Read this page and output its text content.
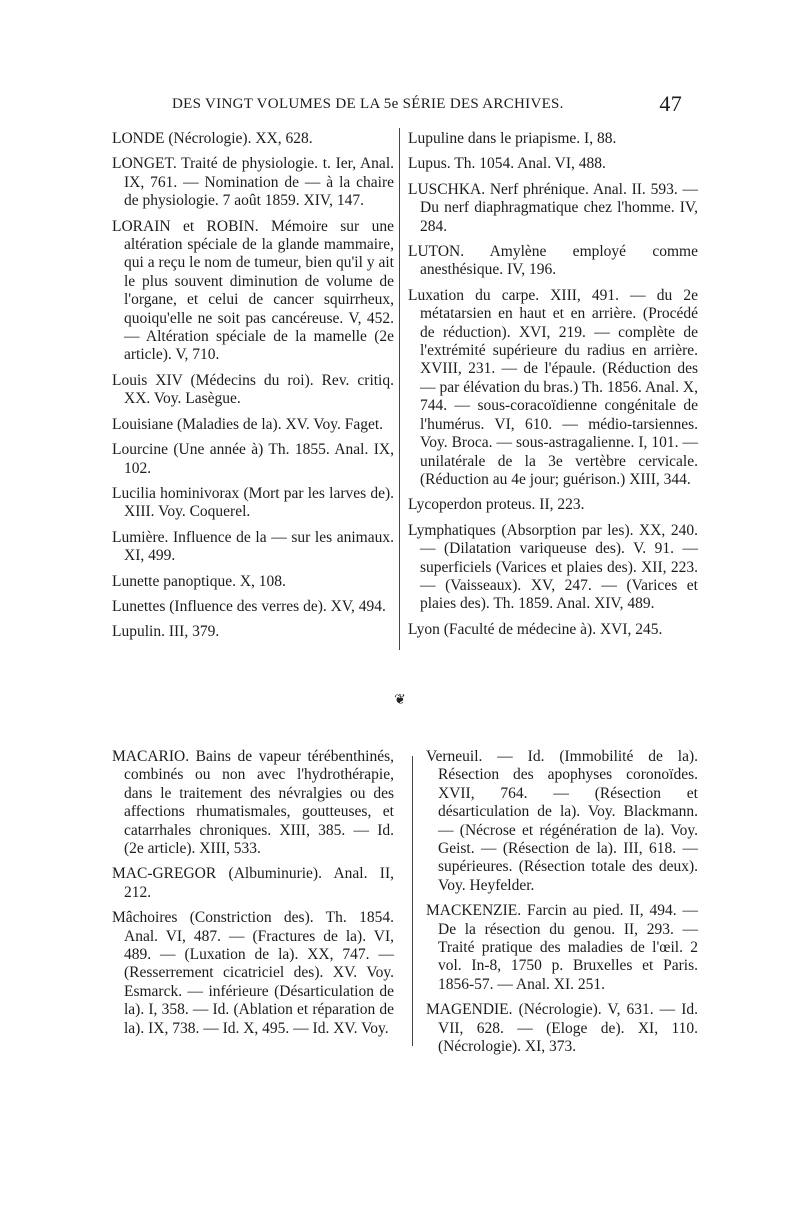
DES VINGT VOLUMES DE LA 5e SÉRIE DES ARCHIVES.	47
LONDE (Nécrologie). XX, 628.
LONGET. Traité de physiologie. t. Ier, Anal. IX, 761. — Nomination de — à la chaire de physiologie. 7 août 1859. XIV, 147.
LORAIN et ROBIN. Mémoire sur une altération spéciale de la glande mammaire, qui a reçu le nom de tumeur, bien qu'il y ait le plus souvent diminution de volume de l'organe, et celui de cancer squirrheux, quoiqu'elle ne soit pas cancéreuse. V, 452. — Altération spéciale de la mamelle (2e article). V, 710.
Louis XIV (Médecins du roi). Rev. critiq. XX. Voy. Lasègue.
Louisiane (Maladies de la). XV. Voy. Faget.
Lourcine (Une année à) Th. 1855. Anal. IX, 102.
Lucilia hominivorax (Mort par les larves de). XIII. Voy. Coquerel.
Lumière. Influence de la — sur les animaux. XI, 499.
Lunette panoptique. X, 108.
Lunettes (Influence des verres de). XV, 494.
Lupulin. III, 379.
Lupuline dans le priapisme. I, 88.
Lupus. Th. 1054. Anal. VI, 488.
LUSCHKA. Nerf phrénique. Anal. II. 593. — Du nerf diaphragmatique chez l'homme. IV, 284.
LUTON. Amylène employé comme anesthésique. IV, 196.
Luxation du carpe. XIII, 491. — du 2e métatarsien en haut et en arrière. (Procédé de réduction). XVI, 219. — complète de l'extrémité supérieure du radius en arrière. XVIII, 231. — de l'épaule. (Réduction des — par élévation du bras.) Th. 1856. Anal. X, 744. — sous-coracoïdienne congénitale de l'humérus. VI, 610. — médio-tarsiennes. Voy. Broca. — sous-astragalienne. I, 101. — unilatérale de la 3e vertèbre cervicale. (Réduction au 4e jour; guérison.) XIII, 344.
Lycoperdon proteus. II, 223.
Lymphatiques (Absorption par les). XX, 240. — (Dilatation variqueuse des). V. 91. — superficiels (Varices et plaies des). XII, 223. — (Vaisseaux). XV, 247. — (Varices et plaies des). Th. 1859. Anal. XIV, 489.
Lyon (Faculté de médecine à). XVI, 245.
❦
MACARIO. Bains de vapeur térébenthinés, combinés ou non avec l'hydrothérapie, dans le traitement des névralgies ou des affections rhumatismales, goutteuses, et catarrhales chroniques. XIII, 385. — Id. (2e article). XIII, 533.
MAC-GREGOR (Albuminurie). Anal. II, 212.
Mâchoires (Constriction des). Th. 1854. Anal. VI, 487. — (Fractures de la). VI, 489. — (Luxation de la). XX, 747. — (Resserrement cicatriciel des). XV. Voy. Esmarck. — inférieure (Désarticulation de la). I, 358. — Id. (Ablation et réparation de la). IX, 738. — Id. X, 495. — Id. XV. Voy.
Verneuil. — Id. (Immobilité de la). Résection des apophyses coronoïdes. XVII, 764. — (Résection et désarticulation de la). Voy. Blackmann. — (Nécrose et régénération de la). Voy. Geist. — (Résection de la). III, 618. — supérieures. (Résection totale des deux). Voy. Heyfelder.
MACKENZIE. Farcin au pied. II, 494. — De la résection du genou. II, 293. — Traité pratique des maladies de l'œil. 2 vol. In-8, 1750 p. Bruxelles et Paris. 1856-57. — Anal. XI. 251.
MAGENDIE. (Nécrologie). V, 631. — Id. VII, 628. — (Eloge de). XI, 110. (Nécrologie). XI, 373.
